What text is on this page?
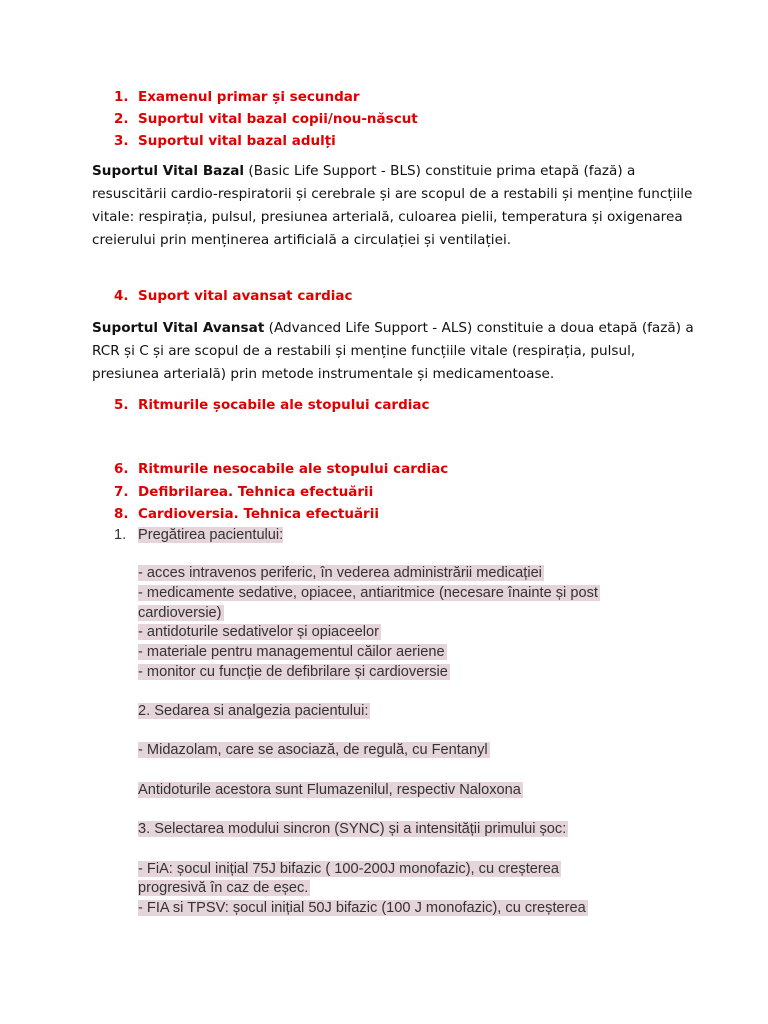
1. Examenul primar și secundar
2. Suportul vital bazal copii/nou-născut
3. Suportul vital bazal adulți
Suportul Vital Bazal (Basic Life Support - BLS) constituie prima etapă (fază) a resuscitării cardio-respiratorii și cerebrale și are scopul de a restabili și menține funcțiile vitale: respirația, pulsul, presiunea arterială, culoarea pielii, temperatura și oxigenarea creierului prin menținerea artificială a circulației și ventilației.
4. Suport vital avansat cardiac
Suportul Vital Avansat (Advanced Life Support - ALS) constituie a doua etapă (fază) a RCR și C și are scopul de a restabili și menține funcțiile vitale (respirația, pulsul, presiunea arterială) prin metode instrumentale și medicamentoase.
5. Ritmurile șocabile ale stopului cardiac
6. Ritmurile nesocabile ale stopului cardiac
7. Defibrilarea. Tehnica efectuării
8. Cardioversia. Tehnica efectuării
1. Pregătirea pacientului:
- acces intravenos periferic, în vederea administrării medicației
- medicamente sedative, opiacee, antiaritmice (necesare înainte și post
cardioversie)
- antidoturile sedativelor și opiaceelor
- materiale pentru managementul căilor aeriene
- monitor cu funcție de defibrilare și cardioversie
2. Sedarea si analgezia pacientului:
- Midazolam, care se asociază, de regulă, cu Fentanyl
Antidoturile acestora sunt Flumazenilul, respectiv Naloxona
3. Selectarea modului sincron (SYNC) și a intensității primului șoc:
- FiA: șocul inițial 75J bifazic ( 100-200J monofazic), cu creșterea
progresivă în caz de eșec.
- FIA si TPSV: șocul inițial 50J bifazic (100 J monofazic), cu creșterea
